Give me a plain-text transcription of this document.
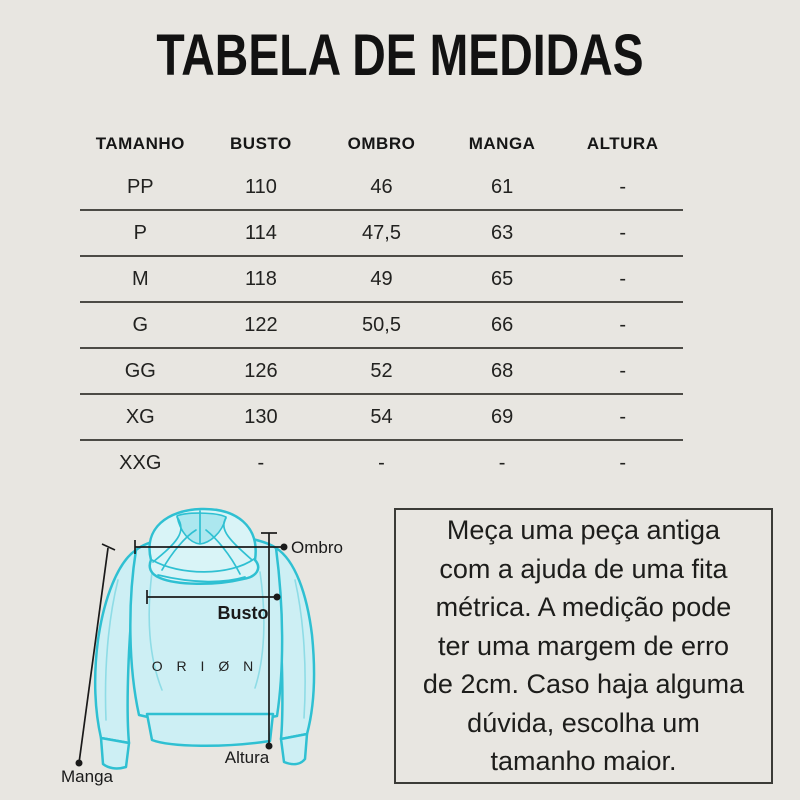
TABELA DE MEDIDAS
TAMANHO	BUSTO	OMBRO	MANGA	ALTURA
PP	110	46	61	-
P	114	47,5	63	-
M	118	49	65	-
G	122	50,5	66	-
GG	126	52	68	-
XG	130	54	69	-
XXG	-	-	-	-
O R I Ø N
Ombro
Busto
Altura
Manga
Meça uma peça antiga
com a ajuda de uma fita
métrica. A medição pode
ter uma margem de erro
de 2cm. Caso haja alguma
dúvida, escolha um
tamanho maior.
